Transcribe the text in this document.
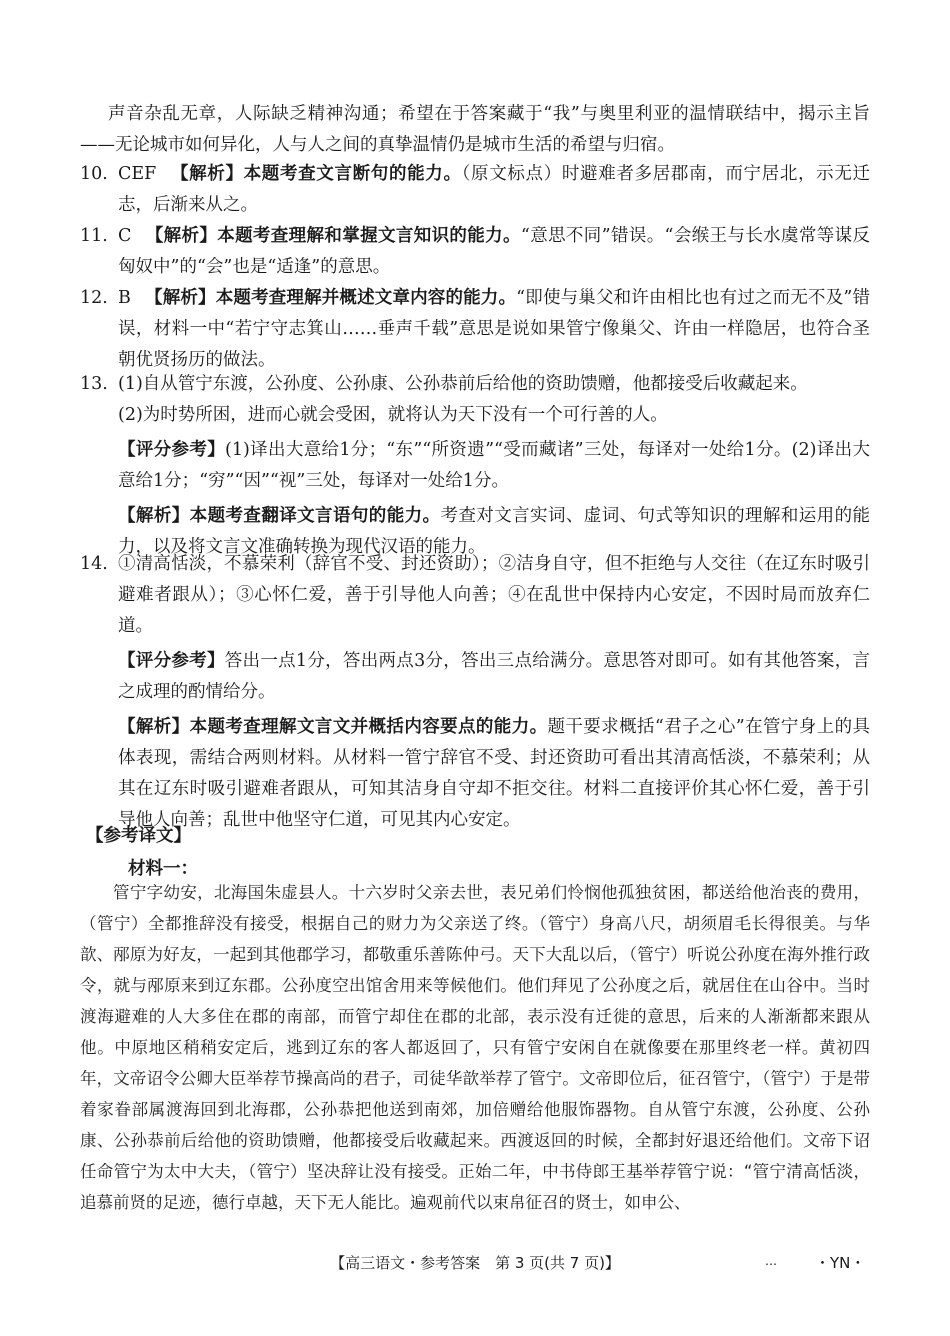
声音杂乱无章，人际缺乏精神沟通；希望在于答案藏于“我”与奥里利亚的温情联结中，揭示主旨——无论城市如何异化，人与人之间的真挚温情仍是城市生活的希望与归宿。
10. CEF 【解析】本题考查文言断句的能力。（原文标点）时避难者多居郡南，而宁居北，示无迁志，后渐来从之。
11. C 【解析】本题考查理解和掌握文言知识的能力。“意思不同”错误。“会缑王与长水虞常等谋反匈奴中”的“会”也是“适逢”的意思。
12. B 【解析】本题考查理解并概述文章内容的能力。“即使与巢父和许由相比也有过之而无不及”错误，材料一中“若宁守志箕山……垂声千载”意思是说如果管宁像巢父、许由一样隐居，也符合圣朝优贤扬历的做法。
13. (1)自从管宁东渡，公孙度、公孙康、公孙恭前后给他的资助馈赠，他都接受后收藏起来。
(2)为时势所困，进而心就会受困，就将认为天下没有一个可行善的人。
【评分参考】(1)译出大意给1分；“东”“所资遗”“受而藏诸”三处，每译对一处给1分。(2)译出大意给1分；“穷”“因”“视”三处，每译对一处给1分。
【解析】本题考查翻译文言语句的能力。考查对文言实词、虚词、句式等知识的理解和运用的能力，以及将文言文准确转换为现代汉语的能力。
14. ①清高恬淡，不慕荣利（辞官不受、封还资助）；②洁身自守，但不拒绝与人交往（在辽东时吸引避难者跟从）；③心怀仁爱，善于引导他人向善；④在乱世中保持内心安定，不因时局而放弃仁道。
【评分参考】答出一点1分，答出两点3分，答出三点给满分。意思答对即可。如有其他答案，言之成理的酌情给分。
【解析】本题考查理解文言文并概括内容要点的能力。题干要求概括“君子之心”在管宁身上的具体表现，需结合两则材料。从材料一管宁辞官不受、封还资助可看出其清高恬淡，不慕荣利；从其在辽东时吸引避难者跟从，可知其洁身自守却不拒交往。材料二直接评价其心怀仁爱，善于引导他人向善；乱世中他坚守仁道，可见其内心安定。
【参考译文】
材料一：
管宁字幼安，北海国朱虚县人。十六岁时父亲去世，表兄弟们怜悯他孤独贫困，都送给他治丧的费用，（管宁）全都推辞没有接受，根据自己的财力为父亲送了终。（管宁）身高八尺，胡须眉毛长得很美。与华歆、邴原为好友，一起到其他郡学习，都敬重乐善陈仲弓。天下大乱以后，（管宁）听说公孙度在海外推行政令，就与邴原来到辽东郡。公孙度空出馆舍用来等候他们。他们拜见了公孙度之后，就居住在山谷中。当时渡海避难的人大多住在郡的南部，而管宁却住在郡的北部，表示没有迁徙的意思，后来的人渐渐都来跟从他。中原地区稍稍安定后，逃到辽东的客人都返回了，只有管宁安闲自在就像要在那里终老一样。黄初四年，文帝诏令公卿大臣举荐节操高尚的君子，司徒华歆举荐了管宁。文帝即位后，征召管宁，（管宁）于是带着家眷部属渡海回到北海郡，公孙恭把他送到南郊，加倍赠给他服饰器物。自从管宁东渡，公孙度、公孙康、公孙恭前后给他的资助馈赠，他都接受后收藏起来。西渡返回的时候，全都封好退还给他们。文帝下诏任命管宁为太中大夫，（管宁）坚决辞让没有接受。正始二年，中书侍郎王基举荐管宁说：“管宁清高恬淡，追慕前贤的足迹，德行卓越，天下无人能比。遍观前代以束帛征召的贤士，如申公、
【高三语文・参考答案　第 3 页(共 7 页)】	…	・YN・
